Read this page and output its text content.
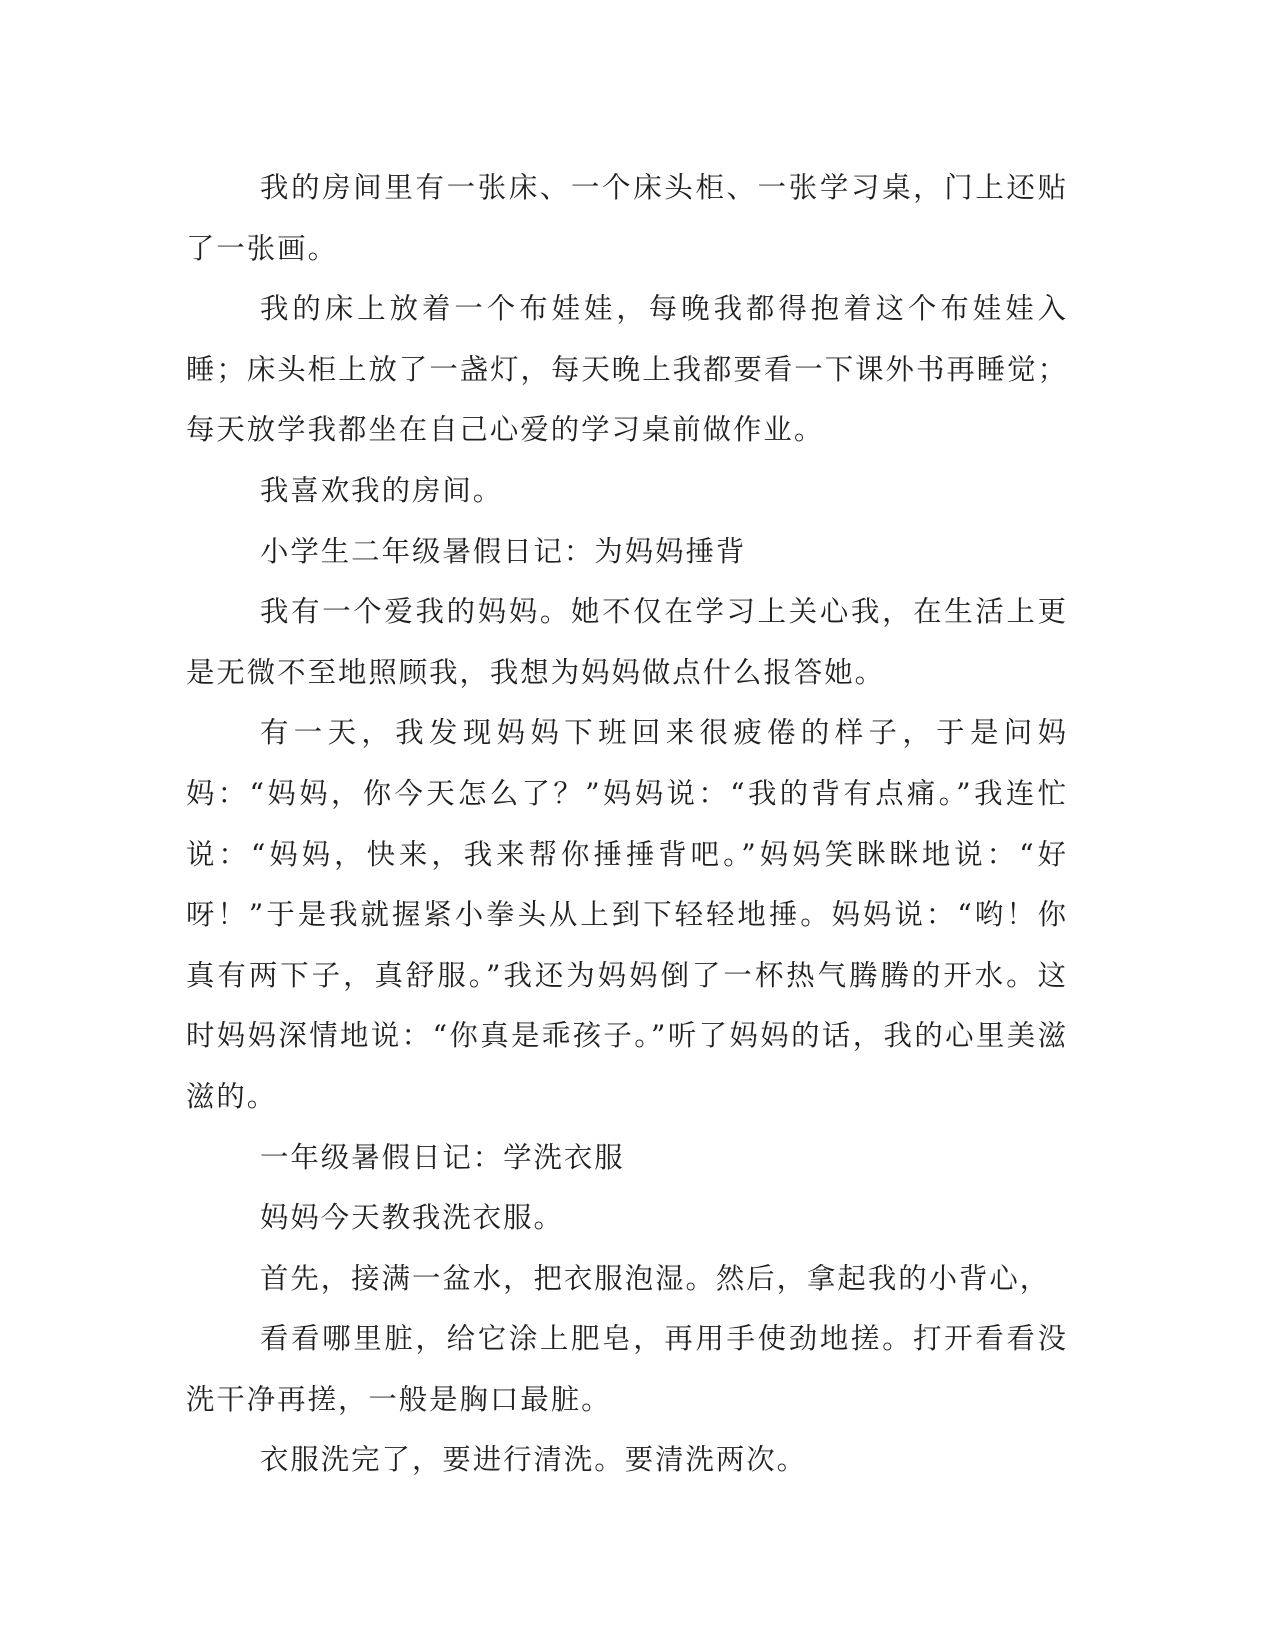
我的房间里有一张床、一个床头柜、一张学习桌，门上还贴了一张画。

我的床上放着一个布娃娃，每晚我都得抱着这个布娃娃入睡；床头柜上放了一盏灯，每天晚上我都要看一下课外书再睡觉；每天放学我都坐在自己心爱的学习桌前做作业。

我喜欢我的房间。

小学生二年级暑假日记：为妈妈捶背

我有一个爱我的妈妈。她不仅在学习上关心我，在生活上更是无微不至地照顾我，我想为妈妈做点什么报答她。

有一天，我发现妈妈下班回来很疲倦的样子，于是问妈妈：“妈妈，你今天怎么了？”妈妈说：“我的背有点痛。”我连忙说：“妈妈，快来，我来帮你捶捶背吧。”妈妈笑眯眯地说：“好呀！”于是我就握紧小拳头从上到下轻轻地捶。妈妈说：“哟！你真有两下子，真舒服。”我还为妈妈倒了一杯热气腾腾的开水。这时妈妈深情地说：“你真是乖孩子。”听了妈妈的话，我的心里美滋滋的。

一年级暑假日记：学洗衣服

妈妈今天教我洗衣服。

首先，接满一盆水，把衣服泡湿。然后，拿起我的小背心，

看看哪里脏，给它涂上肥皂，再用手使劲地搓。打开看看没洗干净再搓，一般是胸口最脏。

衣服洗完了，要进行清洗。要清洗两次。
